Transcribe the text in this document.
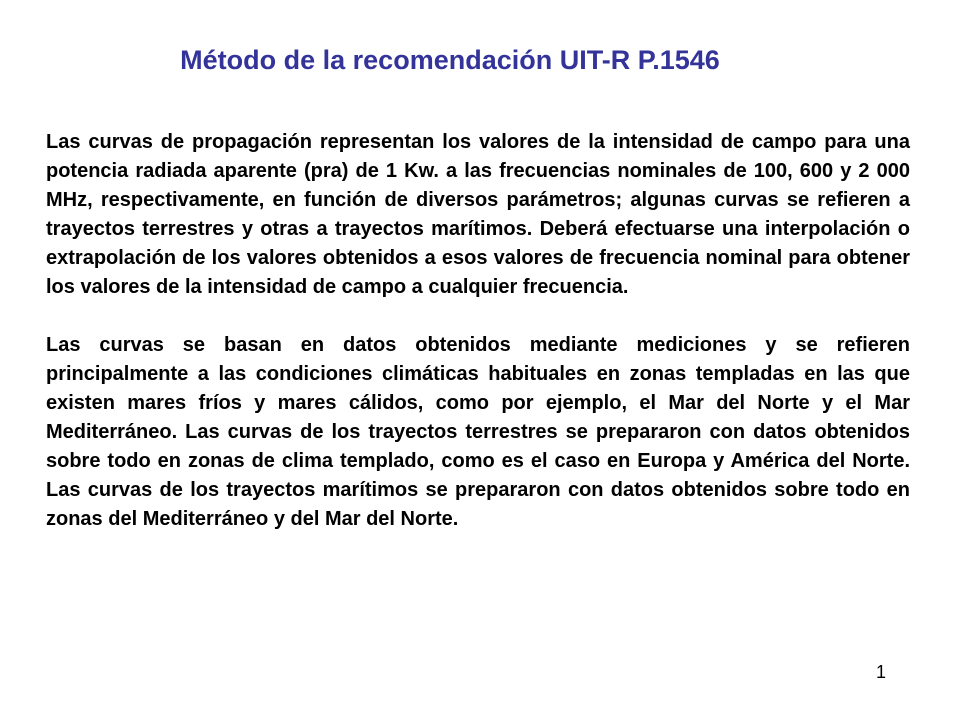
Método de la recomendación UIT-R P.1546

Las curvas de propagación representan los valores de la intensidad de campo para una potencia radiada aparente (pra) de 1 Kw. a las frecuencias nominales de 100, 600 y 2 000 MHz, respectivamente, en función de diversos parámetros; algunas curvas se refieren a trayectos terrestres y otras a trayectos marítimos. Deberá efectuarse una interpolación o extrapolación de los valores obtenidos a esos valores de frecuencia nominal para obtener los valores de la intensidad de campo a cualquier frecuencia.

Las curvas se basan en datos obtenidos mediante mediciones y se refieren principalmente a las condiciones climáticas habituales en zonas templadas en las que existen mares fríos y mares cálidos, como por ejemplo, el Mar del Norte y el Mar Mediterráneo. Las curvas de los trayectos terrestres se prepararon con datos obtenidos sobre todo en zonas de clima templado, como es el caso en Europa y América del Norte. Las curvas de los trayectos marítimos se prepararon con datos obtenidos sobre todo en zonas del Mediterráneo y del Mar del Norte.

1
